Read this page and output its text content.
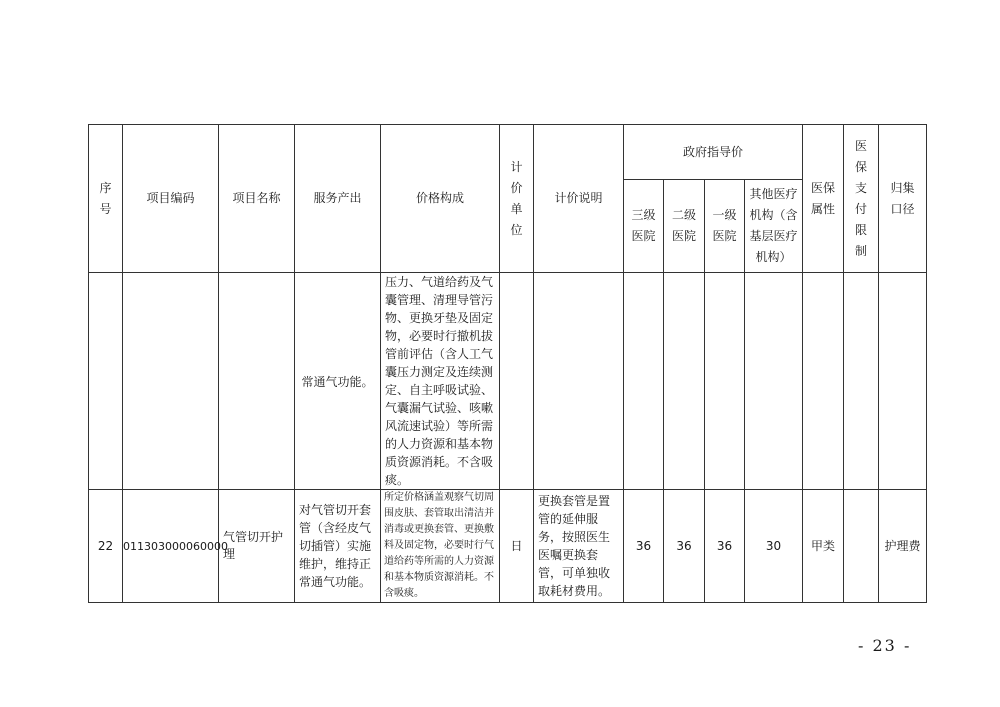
序号	项目编码	项目名称	服务产出	价格构成	计价单位	计价说明	政府指导价				医保属性	医保支付限制	归集口径

							三级医院	二级医院	一级医院	其他医疗机构（含基层医疗机构）			

			常通气功能。	压力、气道给药及气囊管理、清理导管污物、更换牙垫及固定物，必要时行撤机拔管前评估（含人工气囊压力测定及连续测定、自主呼吸试验、气囊漏气试验、咳嗽风流速试验）等所需的人力资源和基本物质资源消耗。不含吸痰。									

22	011303000060000	气管切开护理	对气管切开套管（含经皮气切插管）实施维护，维持正常通气功能。	所定价格涵盖观察气切周围皮肤、套管取出清洁并消毒或更换套管、更换敷料及固定物，必要时行气道给药等所需的人力资源和基本物质资源消耗。不含吸痰。	日	更换套管是置管的延伸服务，按照医生医嘱更换套管，可单独收取耗材费用。	36	36	36	30	甲类		护理费
- 23 -
